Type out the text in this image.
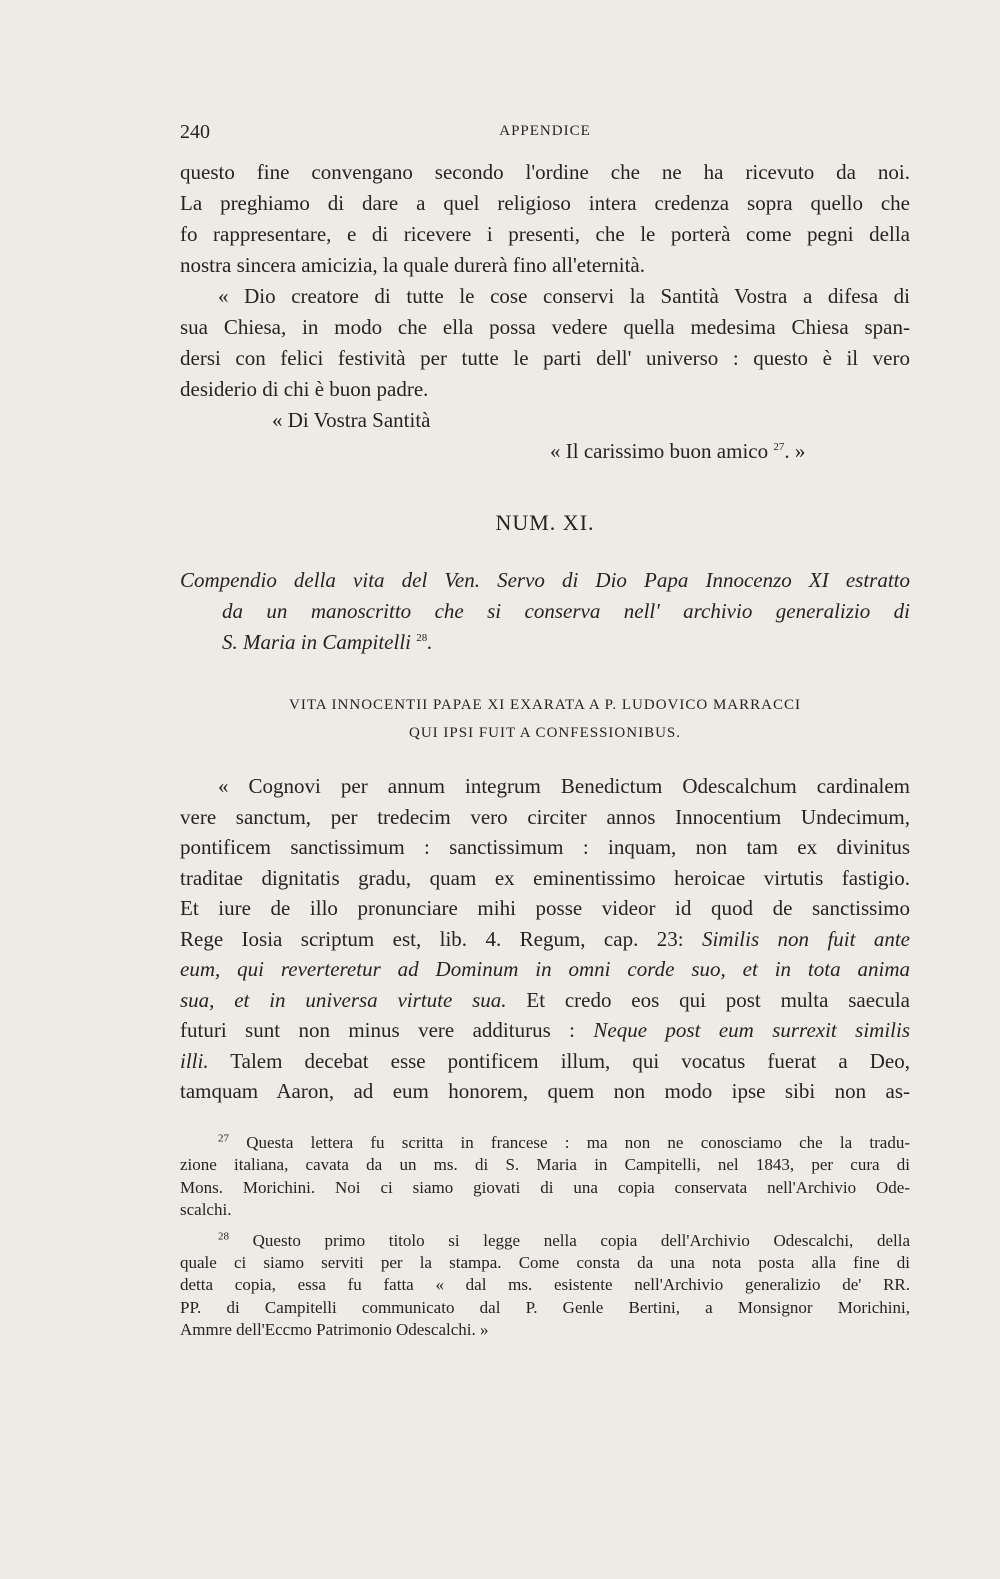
240	APPENDICE

questo fine convengano secondo l'ordine che ne ha ricevuto da noi.

La preghiamo di dare a quel religioso intera credenza sopra quello che

fo rappresentare, e di ricevere i presenti, che le porterà come pegni della

nostra sincera amicizia, la quale durerà fino all'eternità.

« Dio creatore di tutte le cose conservi la Santità Vostra a difesa di

sua Chiesa, in modo che ella possa vedere quella medesima Chiesa span-

dersi con felici festività per tutte le parti dell' universo : questo è il vero

desiderio di chi è buon padre.

« Di Vostra Santità

« Il carissimo buon amico $^{27}$. »

NUM. XI.

Compendio della vita del Ven. Servo di Dio Papa Innocenzo XI estratto

da un manoscritto che si conserva nell' archivio generalizio di

S. Maria in Campitelli $^{28}$.

VITA INNOCENTII PAPAE XI EXARATA A P. LUDOVICO MARRACCI

QUI IPSI FUIT A CONFESSIONIBUS.

« Cognovi per annum integrum Benedictum Odescalchum cardinalem

vere sanctum, per tredecim vero circiter annos Innocentium Undecimum,

pontificem sanctissimum : sanctissimum : inquam, non tam ex divinitus

traditae dignitatis gradu, quam ex eminentissimo heroicae virtutis fastigio.

Et iure de illo pronunciare mihi posse videor id quod de sanctissimo

Rege Iosia scriptum est, lib. 4. Regum, cap. 23: Similis non fuit ante

eum, qui reverteretur ad Dominum in omni corde suo, et in tota anima

sua, et in universa virtute sua. Et credo eos qui post multa saecula

futuri sunt non minus vere additurus : Neque post eum surrexit similis

illi. Talem decebat esse pontificem illum, qui vocatus fuerat a Deo,

tamquam Aaron, ad eum honorem, quem non modo ipse sibi non as-

$^{27}$ Questa lettera fu scritta in francese : ma non ne conosciamo che la tradu-

zione italiana, cavata da un ms. di S. Maria in Campitelli, nel 1843, per cura di

Mons. Morichini. Noi ci siamo giovati di una copia conservata nell'Archivio Ode-

scalchi.

$^{28}$ Questo primo titolo si legge nella copia dell'Archivio Odescalchi, della

quale ci siamo serviti per la stampa. Come consta da una nota posta alla fine di

detta copia, essa fu fatta « dal ms. esistente nell'Archivio generalizio de' RR.

PP. di Campitelli communicato dal P. Genle Bertini, a Monsignor Morichini,

Ammre dell'Eccmo Patrimonio Odescalchi. »
